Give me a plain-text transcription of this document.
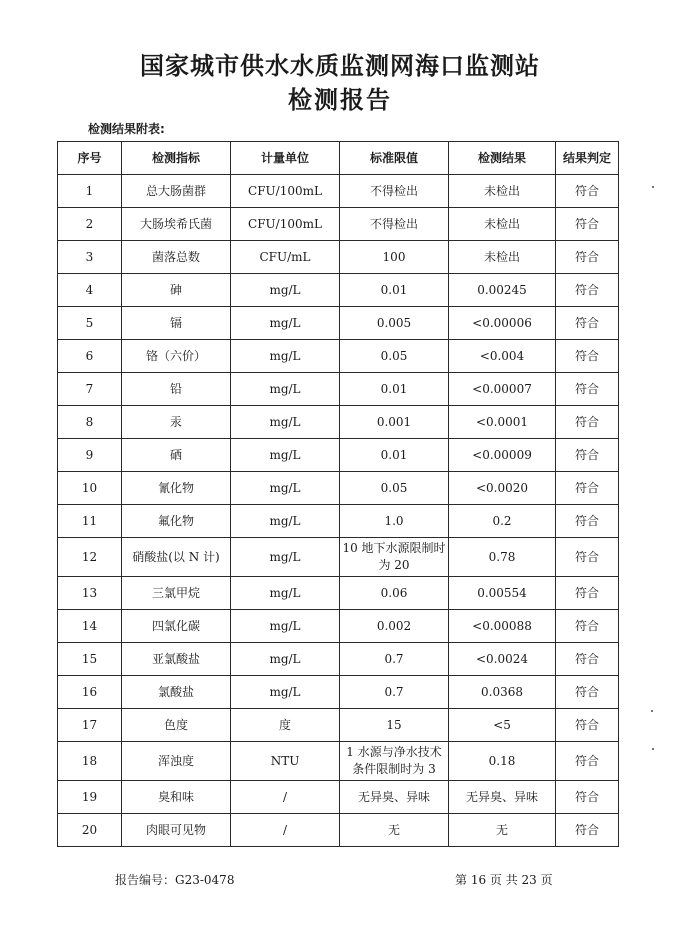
国家城市供水水质监测网海口监测站
检测报告
检测结果附表:
序号	检测指标	计量单位	标准限值	检测结果	结果判定
1	总大肠菌群	CFU/100mL	不得检出	未检出	符合
2	大肠埃希氏菌	CFU/100mL	不得检出	未检出	符合
3	菌落总数	CFU/mL	100	未检出	符合
4	砷	mg/L	0.01	0.00245	符合
5	镉	mg/L	0.005	<0.00006	符合
6	铬（六价）	mg/L	0.05	<0.004	符合
7	铅	mg/L	0.01	<0.00007	符合
8	汞	mg/L	0.001	<0.0001	符合
9	硒	mg/L	0.01	<0.00009	符合
10	氰化物	mg/L	0.05	<0.0020	符合
11	氟化物	mg/L	1.0	0.2	符合
12	硝酸盐(以 N 计)	mg/L	10 地下水源限制时为 20	0.78	符合
13	三氯甲烷	mg/L	0.06	0.00554	符合
14	四氯化碳	mg/L	0.002	<0.00088	符合
15	亚氯酸盐	mg/L	0.7	<0.0024	符合
16	氯酸盐	mg/L	0.7	0.0368	符合
17	色度	度	15	<5	符合
18	浑浊度	NTU	1 水源与净水技术条件限制时为 3	0.18	符合
19	臭和味	/	无异臭、异味	无异臭、异味	符合
20	肉眼可见物	/	无	无	符合
报告编号：G23-0478	第 16 页 共 23 页
